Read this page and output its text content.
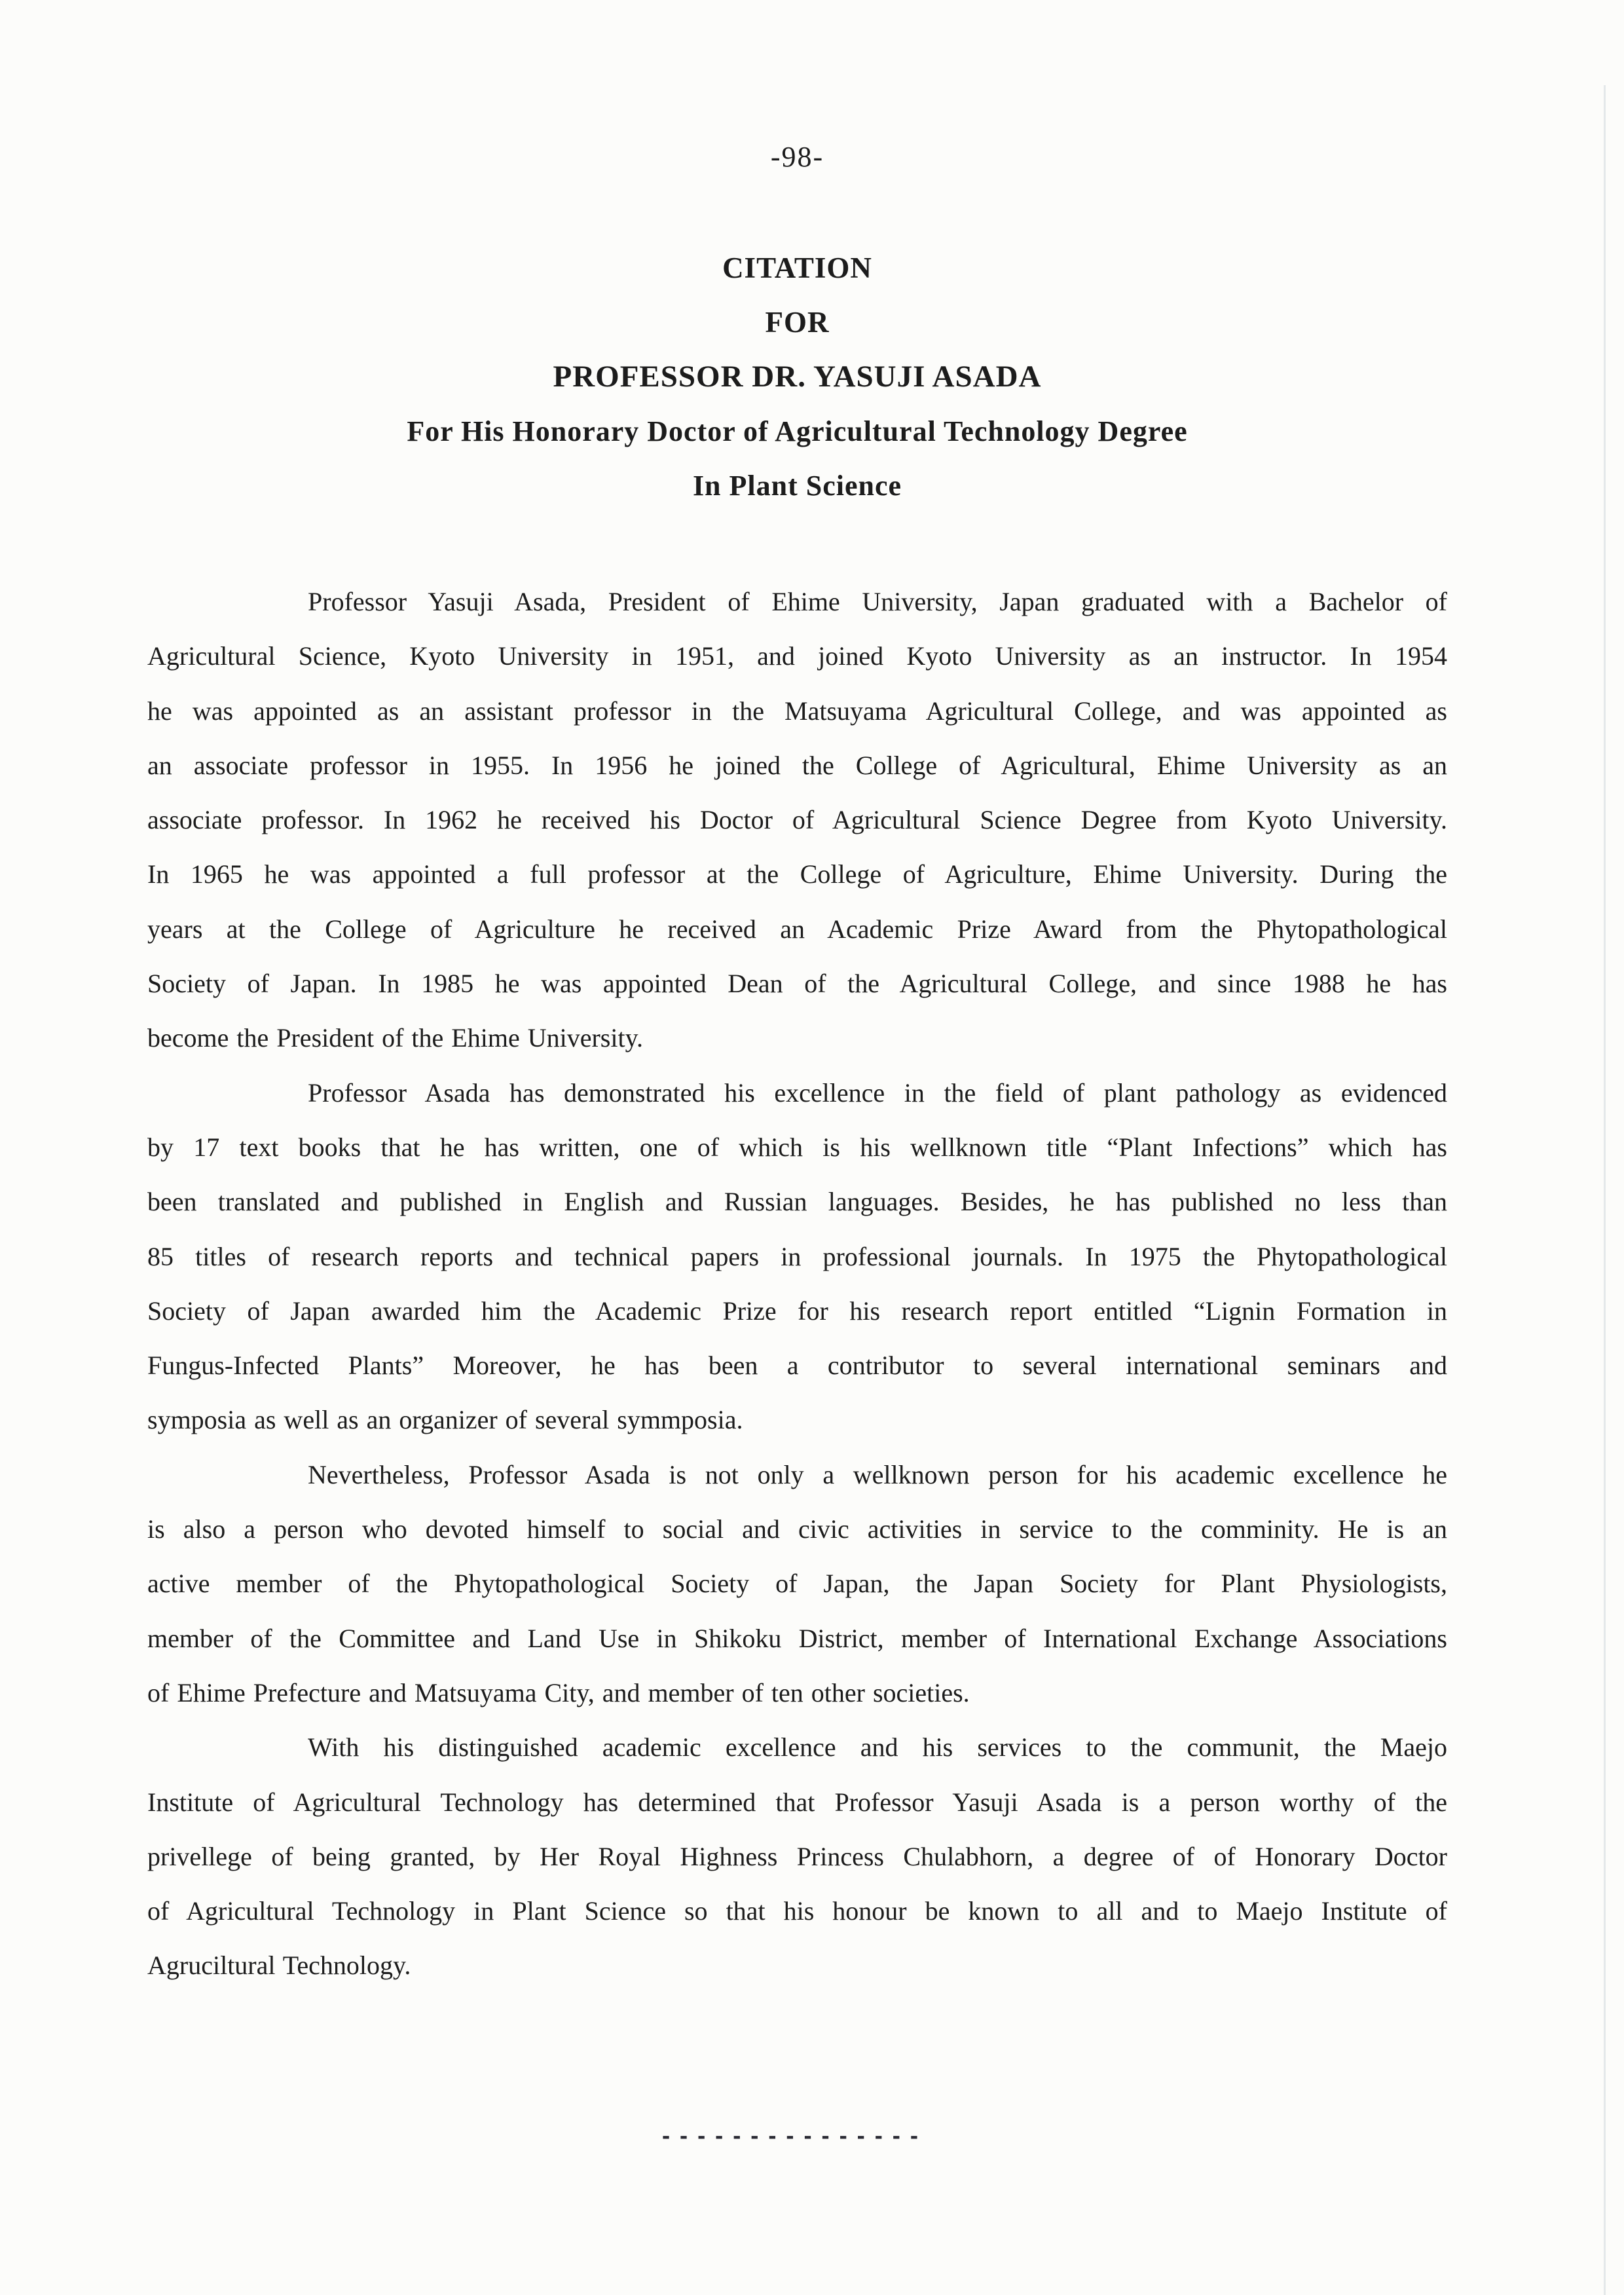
-98-
CITATION
FOR
PROFESSOR DR. YASUJI ASADA
For His Honorary Doctor of Agricultural Technology Degree
In Plant Science
Professor Yasuji Asada, President of Ehime University, Japan graduated with a Bachelor of
Agricultural Science, Kyoto University in 1951, and joined Kyoto University as an instructor. In 1954
he was appointed as an assistant professor in the Matsuyama Agricultural College, and was appointed as
an associate professor in 1955. In 1956 he joined the College of Agricultural, Ehime University as an
associate professor. In 1962 he received his Doctor of Agricultural Science Degree from Kyoto University.
In 1965 he was appointed a full professor at the College of Agriculture, Ehime University. During the
years at the College of Agriculture he received an Academic Prize Award from the Phytopathological
Society of Japan. In 1985 he was appointed Dean of the Agricultural College, and since 1988 he has
become the President of the Ehime University.
Professor Asada has demonstrated his excellence in the field of plant pathology as evidenced
by 17 text books that he has written, one of which is his wellknown title “Plant Infections” which has
been translated and published in English and Russian languages. Besides, he has published no less than
85 titles of research reports and technical papers in professional journals. In 1975 the Phytopathological
Society of Japan awarded him the Academic Prize for his research report entitled “Lignin Formation in
Fungus-Infected Plants” Moreover, he has been a contributor to several international seminars and
symposia as well as an organizer of several symmposia.
Nevertheless, Professor Asada is not only a wellknown person for his academic excellence he
is also a person who devoted himself to social and civic activities in service to the comminity. He is an
active member of the Phytopathological Society of Japan, the Japan Society for Plant Physiologists,
member of the Committee and Land Use in Shikoku District, member of International Exchange Associations
of Ehime Prefecture and Matsuyama City, and member of ten other societies.
With his distinguished academic excellence and his services to the communit, the Maejo
Institute of Agricultural Technology has determined that Professor Yasuji Asada is a person worthy of the
privellege of being granted, by Her Royal Highness Princess Chulabhorn, a degree of of Honorary Doctor
of Agricultural Technology in Plant Science so that his honour be known to all and to Maejo Institute of
Agruciltural Technology.
---------------
